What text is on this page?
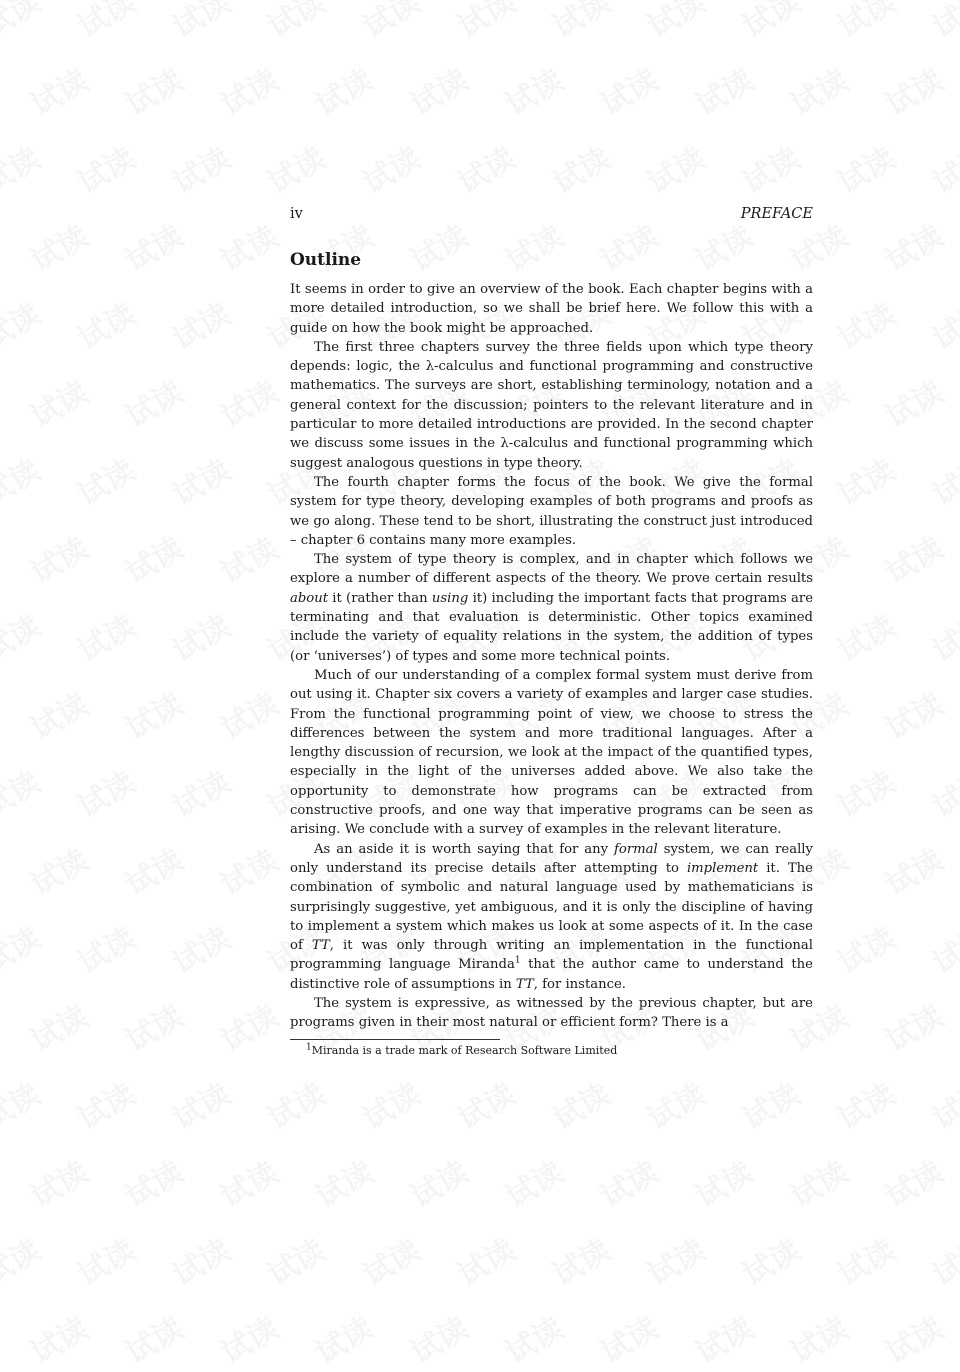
iv	PREFACE
Outline

It seems in order to give an overview of the book. Each chapter begins with a more detailed introduction, so we shall be brief here. We follow this with a guide on how the book might be approached.

The first three chapters survey the three fields upon which type theory depends: logic, the λ-calculus and functional programming and constructive mathematics. The surveys are short, establishing terminology, notation and a general context for the discussion; pointers to the relevant literature and in particular to more detailed introductions are provided. In the second chapter we discuss some issues in the λ-calculus and functional programming which suggest analogous questions in type theory.

The fourth chapter forms the focus of the book. We give the formal system for type theory, developing examples of both programs and proofs as we go along. These tend to be short, illustrating the construct just introduced – chapter 6 contains many more examples.

The system of type theory is complex, and in chapter which follows we explore a number of different aspects of the theory. We prove certain results about it (rather than using it) including the important facts that programs are terminating and that evaluation is deterministic. Other topics examined include the variety of equality relations in the system, the addition of types (or ‘universes’) of types and some more technical points.

Much of our understanding of a complex formal system must derive from out using it. Chapter six covers a variety of examples and larger case studies. From the functional programming point of view, we choose to stress the differences between the system and more traditional languages. After a lengthy discussion of recursion, we look at the impact of the quantified types, especially in the light of the universes added above. We also take the opportunity to demonstrate how programs can be extracted from constructive proofs, and one way that imperative programs can be seen as arising. We conclude with a survey of examples in the relevant literature.

As an aside it is worth saying that for any formal system, we can really only understand its precise details after attempting to implement it. The combination of symbolic and natural language used by mathematicians is surprisingly suggestive, yet ambiguous, and it is only the discipline of having to implement a system which makes us look at some aspects of it. In the case of TT, it was only through writing an implementation in the functional programming language Miranda$^1$ that the author came to understand the distinctive role of assumptions in TT, for instance.

The system is expressive, as witnessed by the previous chapter, but are programs given in their most natural or efficient form? There is a

$^1$Miranda is a trade mark of Research Software Limited
